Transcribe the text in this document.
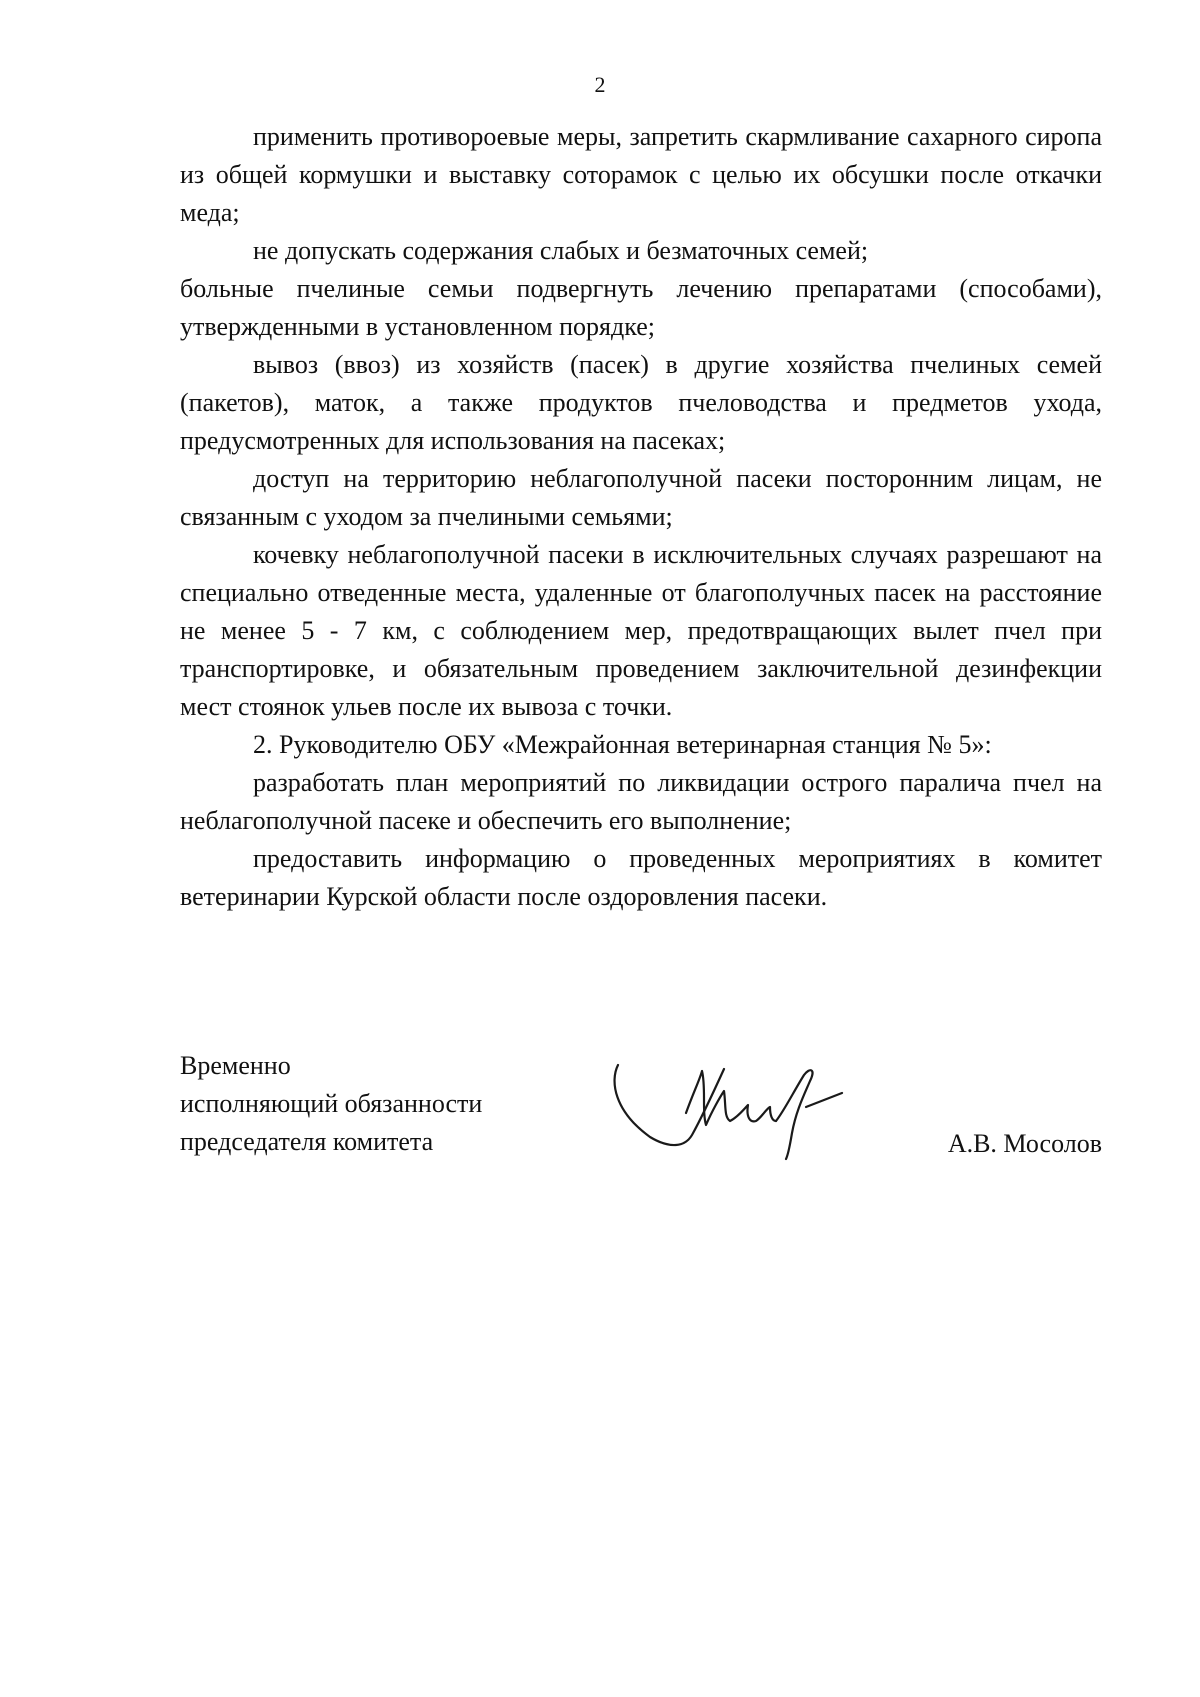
2

применить противороевые меры, запретить скармливание сахарного сиропа из общей кормушки и выставку соторамок с целью их обсушки после откачки меда;

не допускать содержания слабых и безматочных семей;

больные пчелиные семьи подвергнуть лечению препаратами (способами), утвержденными в установленном порядке;

вывоз (ввоз) из хозяйств (пасек) в другие хозяйства пчелиных семей (пакетов), маток, а также продуктов пчеловодства и предметов ухода, предусмотренных для использования на пасеках;

доступ на территорию неблагополучной пасеки посторонним лицам, не связанным с уходом за пчелиными семьями;

кочевку неблагополучной пасеки в исключительных случаях разрешают на специально отведенные места, удаленные от благополучных пасек на расстояние не менее 5 - 7 км, с соблюдением мер, предотвращающих вылет пчел при транспортировке, и обязательным проведением заключительной дезинфекции мест стоянок ульев после их вывоза с точки.

2. Руководителю ОБУ «Межрайонная ветеринарная станция № 5»:

разработать план мероприятий по ликвидации острого паралича пчел на неблагополучной пасеке и обеспечить его выполнение;

предоставить информацию о проведенных мероприятиях в комитет ветеринарии Курской области после оздоровления пасеки.

Временно
исполняющий обязанности
председателя комитета	А.В. Мосолов
